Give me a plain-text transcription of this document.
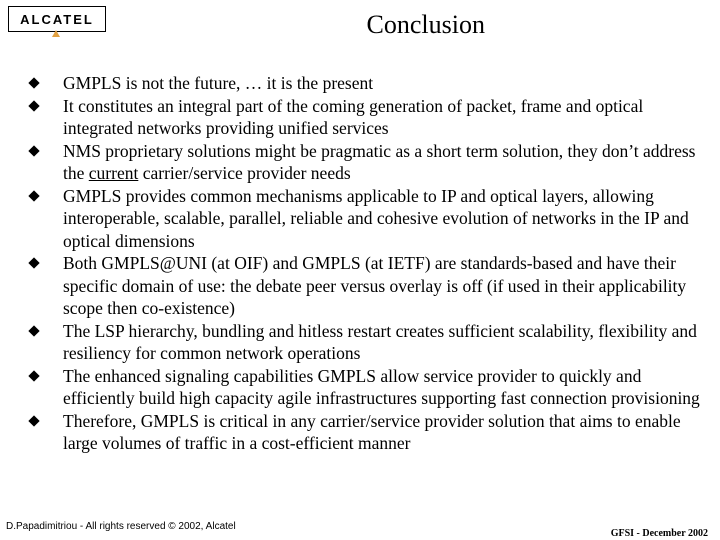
ALCATEL	Conclusion
GMPLS is not the future, … it is the present
It constitutes an integral part of the coming generation of packet, frame and optical integrated networks providing unified services
NMS proprietary solutions might be pragmatic as a short term solution, they don’t address the current carrier/service provider needs
GMPLS provides common mechanisms applicable to IP and optical layers, allowing interoperable, scalable, parallel, reliable and cohesive evolution of networks in the IP and optical dimensions
Both GMPLS@UNI (at OIF) and GMPLS (at IETF) are standards-based and have their specific domain of use: the debate peer versus overlay is off (if used in their applicability scope then co-existence)
The LSP hierarchy, bundling and hitless restart creates sufficient scalability, flexibility and resiliency for common network operations
The enhanced signaling capabilities GMPLS allow service provider to quickly and efficiently build high capacity agile infrastructures supporting fast connection provisioning
Therefore, GMPLS is critical in any carrier/service provider solution that aims to enable large volumes of traffic in a cost-efficient manner
D.Papadimitriou - All rights reserved © 2002, Alcatel
GFSI - December 2002
